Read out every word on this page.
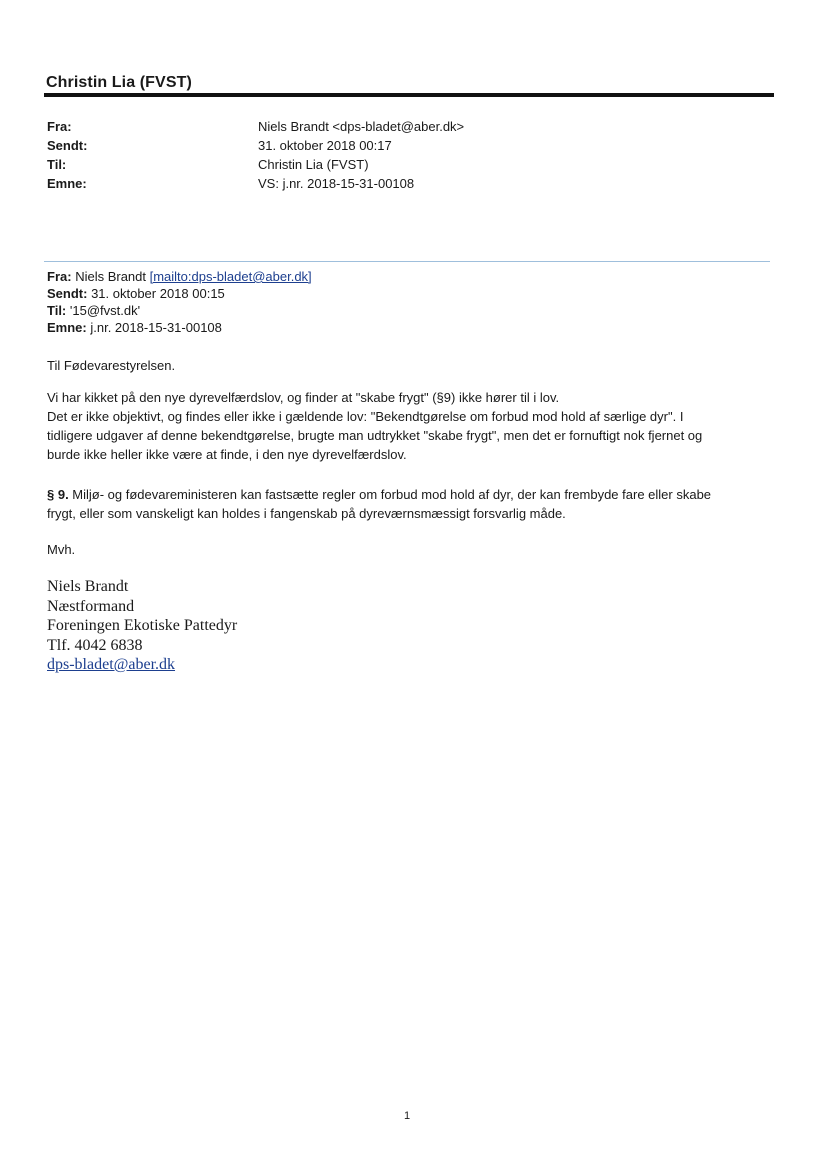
Christin Lia (FVST)
Fra:	Niels Brandt <dps-bladet@aber.dk>
Sendt:	31. oktober 2018 00:17
Til:	Christin Lia (FVST)
Emne:	VS: j.nr. 2018-15-31-00108
Fra: Niels Brandt [mailto:dps-bladet@aber.dk]
Sendt: 31. oktober 2018 00:15
Til: '15@fvst.dk'
Emne: j.nr. 2018-15-31-00108

Til Fødevarestyrelsen.

Vi har kikket på den nye dyrevelfærdslov, og finder at "skabe frygt" (§9) ikke hører til i lov.

Det er ikke objektivt, og findes eller ikke i gældende lov: "Bekendtgørelse om forbud mod hold af særlige dyr". I

tidligere udgaver af denne bekendtgørelse, brugte man udtrykket "skabe frygt", men det er fornuftigt nok fjernet og

burde ikke heller ikke være at finde, i den nye dyrevelfærdslov.

§ 9. Miljø- og fødevareministeren kan fastsætte regler om forbud mod hold af dyr, der kan frembyde fare eller skabe

frygt, eller som vanskeligt kan holdes i fangenskab på dyreværnsmæssigt forsvarlig måde.

Mvh.

Niels Brandt
Næstformand
Foreningen Ekotiske Pattedyr
Tlf. 4042 6838
dps-bladet@aber.dk
1
